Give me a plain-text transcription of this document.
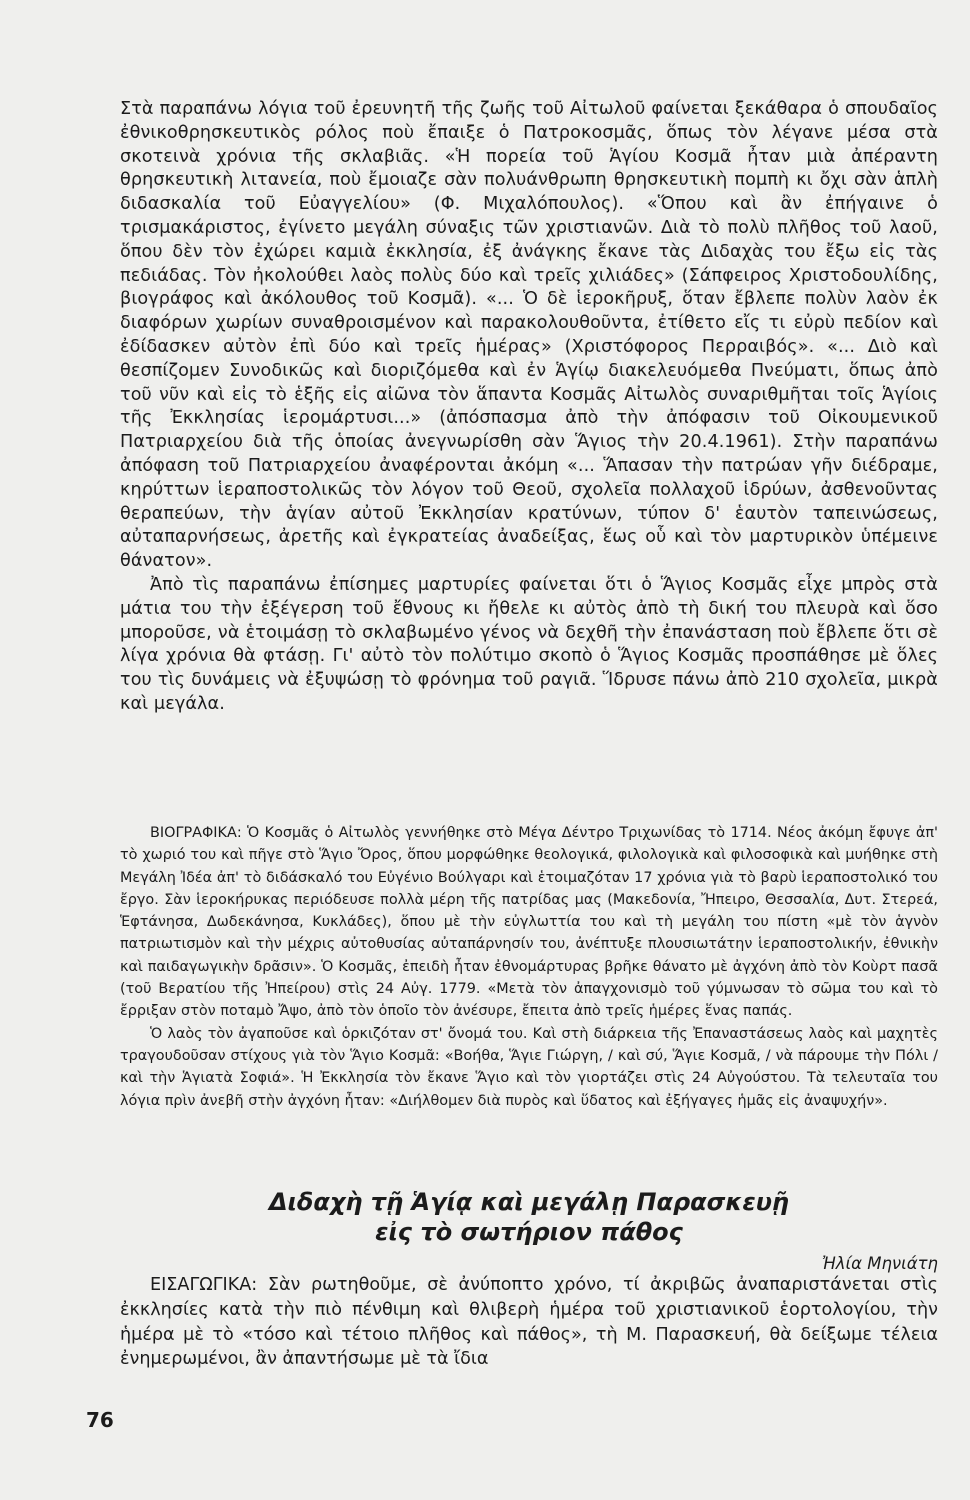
Στὰ παραπάνω λόγια τοῦ ἐρευνητῆ τῆς ζωῆς τοῦ Αἰτωλοῦ φαίνεται ξεκάθαρα ὁ σπουδαῖος ἐθνικοθρησκευτικὸς ρόλος ποὺ ἔπαιξε ὁ Πατροκοσμᾶς, ὅπως τὸν λέγανε μέσα στὰ σκοτεινὰ χρόνια τῆς σκλαβιᾶς. «Ἡ πορεία τοῦ Ἁγίου Κοσμᾶ ἦταν μιὰ ἀπέραντη θρησκευτικὴ λιτανεία, ποὺ ἔμοιαζε σὰν πολυάνθρωπη θρησκευτικὴ πομπὴ κι ὄχι σὰν ἁπλὴ διδασκαλία τοῦ Εὐαγγελίου» (Φ. Μιχαλόπουλος). «Ὅπου καὶ ἂν ἐπήγαινε ὁ τρισμακάριστος, ἐγίνετο μεγάλη σύναξις τῶν χριστιανῶν. Διὰ τὸ πολὺ πλῆθος τοῦ λαοῦ, ὅπου δὲν τὸν ἐχώρει καμιὰ ἐκκλησία, ἐξ ἀνάγκης ἔκανε τὰς Διδαχὰς του ἔξω εἰς τὰς πεδιάδας. Τὸν ἠκολούθει λαὸς πολὺς δύο καὶ τρεῖς χιλιάδες» (Σάπφειρος Χριστοδουλίδης, βιογράφος καὶ ἀκόλουθος τοῦ Κοσμᾶ). «... Ὁ δὲ ἱεροκῆρυξ, ὅταν ἔβλεπε πολὺν λαὸν ἐκ διαφόρων χωρίων συναθροισμένον καὶ παρακολουθοῦντα, ἐτίθετο εἴς τι εὐρὺ πεδίον καὶ ἐδίδασκεν αὐτὸν ἐπὶ δύο καὶ τρεῖς ἡμέρας» (Χριστόφορος Περραιβός». «... Διὸ καὶ θεσπίζομεν Συνοδικῶς καὶ διοριζόμεθα καὶ ἐν Ἁγίῳ διακελευόμεθα Πνεύματι, ὅπως ἀπὸ τοῦ νῦν καὶ εἰς τὸ ἑξῆς εἰς αἰῶνα τὸν ἅπαντα Κοσμᾶς Αἰτωλὸς συναριθμῆται τοῖς Ἁγίοις τῆς Ἐκκλησίας ἱερομάρτυσι...» (ἀπόσπασμα ἀπὸ τὴν ἀπόφασιν τοῦ Οἰκουμενικοῦ Πατριαρχείου διὰ τῆς ὁποίας ἀνεγνωρίσθη σὰν Ἅγιος τὴν 20.4.1961). Στὴν παραπάνω ἀπόφαση τοῦ Πατριαρχείου ἀναφέρονται ἀκόμη «... Ἅπασαν τὴν πατρώαν γῆν διέδραμε, κηρύττων ἱεραποστολικῶς τὸν λόγον τοῦ Θεοῦ, σχολεῖα πολλαχοῦ ἱδρύων, ἀσθενοῦντας θεραπεύων, τὴν ἁγίαν αὐτοῦ Ἐκκλησίαν κρατύνων, τύπον δ' ἑαυτὸν ταπεινώσεως, αὐταπαρνήσεως, ἀρετῆς καὶ ἐγκρατείας ἀναδείξας, ἕως οὗ καὶ τὸν μαρτυρικὸν ὑπέμεινε θάνατον».

Ἀπὸ τὶς παραπάνω ἐπίσημες μαρτυρίες φαίνεται ὅτι ὁ Ἅγιος Κοσμᾶς εἶχε μπρὸς στὰ μάτια του τὴν ἐξέγερση τοῦ ἔθνους κι ἤθελε κι αὐτὸς ἀπὸ τὴ δική του πλευρὰ καὶ ὅσο μποροῦσε, νὰ ἑτοιμάσῃ τὸ σκλαβωμένο γένος νὰ δεχθῆ τὴν ἐπανάσταση ποὺ ἔβλεπε ὅτι σὲ λίγα χρόνια θὰ φτάσῃ. Γι' αὐτὸ τὸν πολύτιμο σκοπὸ ὁ Ἅγιος Κοσμᾶς προσπάθησε μὲ ὅλες του τὶς δυνάμεις νὰ ἐξυψώσῃ τὸ φρόνημα τοῦ ραγιᾶ. Ἵδρυσε πάνω ἀπὸ 210 σχολεῖα, μικρὰ καὶ μεγάλα.

ΒΙΟΓΡΑΦΙΚΑ: Ὁ Κοσμᾶς ὁ Αἰτωλὸς γεννήθηκε στὸ Μέγα Δέντρο Τριχωνίδας τὸ 1714. Νέος ἀκόμη ἔφυγε ἀπ' τὸ χωριό του καὶ πῆγε στὸ Ἅγιο Ὄρος, ὅπου μορφώθηκε θεολογικά, φιλολογικὰ καὶ φιλοσοφικὰ καὶ μυήθηκε στὴ Μεγάλη Ἰδέα ἀπ' τὸ διδάσκαλό του Εὐγένιο Βούλγαρι καὶ ἑτοιμαζόταν 17 χρόνια γιὰ τὸ βαρὺ ἱεραποστολικό του ἔργο. Σὰν ἱεροκήρυκας περιόδευσε πολλὰ μέρη τῆς πατρίδας μας (Μακεδονία, Ἤπειρο, Θεσσαλία, Δυτ. Στερεά, Ἑφτάνησα, Δωδεκάνησα, Κυκλάδες), ὅπου μὲ τὴν εὐγλωττία του καὶ τὴ μεγάλη του πίστη «μὲ τὸν ἁγνὸν πατριωτισμὸν καὶ τὴν μέχρις αὐτοθυσίας αὐταπάρνησίν του, ἀνέπτυξε πλουσιωτάτην ἱεραποστολικήν, ἐθνικὴν καὶ παιδαγωγικὴν δρᾶσιν». Ὁ Κοσμᾶς, ἐπειδὴ ἦταν ἐθνομάρτυρας βρῆκε θάνατο μὲ ἀγχόνη ἀπὸ τὸν Κοὺρτ πασᾶ (τοῦ Βερατίου τῆς Ἠπείρου) στὶς 24 Αὐγ. 1779. «Μετὰ τὸν ἀπαγχονισμὸ τοῦ γύμνωσαν τὸ σῶμα του καὶ τὸ ἔρριξαν στὸν ποταμὸ Ἄψο, ἀπὸ τὸν ὁποῖο τὸν ἀνέσυρε, ἔπειτα ἀπὸ τρεῖς ἡμέρες ἕνας παπάς.

Ὁ λαὸς τὸν ἀγαποῦσε καὶ ὁρκιζόταν στ' ὄνομά του. Καὶ στὴ διάρκεια τῆς Ἐπαναστάσεως λαὸς καὶ μαχητὲς τραγουδοῦσαν στίχους γιὰ τὸν Ἅγιο Κοσμᾶ: «Βοήθα, Ἅγιε Γιώργη, / καὶ σύ, Ἅγιε Κοσμᾶ, / νὰ πάρουμε τὴν Πόλι / καὶ τὴν Ἁγιατὰ Σοφιά». Ἡ Ἐκκλησία τὸν ἔκανε Ἅγιο καὶ τὸν γιορτάζει στὶς 24 Αὐγούστου. Τὰ τελευταῖα του λόγια πρὶν ἀνεβῆ στὴν ἀγχόνη ἦταν: «Διήλθομεν διὰ πυρὸς καὶ ὕδατος καὶ ἐξήγαγες ἡμᾶς εἰς ἀναψυχήν».

Διδαχὴ τῇ Ἁγίᾳ καὶ μεγάλῃ Παρασκευῇ
εἰς τὸ σωτήριον πάθος
Ἠλία Μηνιάτη

ΕΙΣΑΓΩΓΙΚΑ: Σὰν ρωτηθοῦμε, σὲ ἀνύποπτο χρόνο, τί ἀκριβῶς ἀναπαριστάνεται στὶς ἐκκλησίες κατὰ τὴν πιὸ πένθιμη καὶ θλιβερὴ ἡμέρα τοῦ χριστιανικοῦ ἑορτολογίου, τὴν ἡμέρα μὲ τὸ «τόσο καὶ τέτοιο πλῆθος καὶ πάθος», τὴ Μ. Παρασκευή, θὰ δείξωμε τέλεια ἐνημερωμένοι, ἂν ἀπαντήσωμε μὲ τὰ ἴδια

76
